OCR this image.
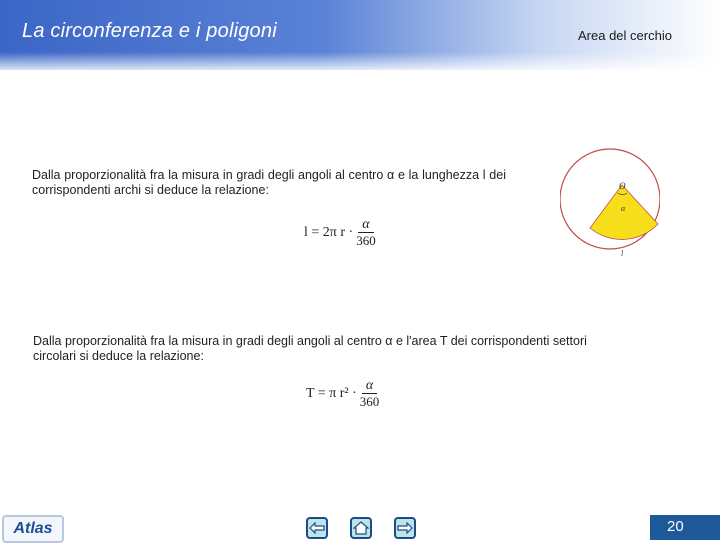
La circonferenza e i poligoni	Area del cerchio
Dalla proporzionalità fra la misura in gradi degli angoli al centro α e la lunghezza l dei corrispondenti archi si deduce la relazione:
l = 2π $r \cdot \frac{\alpha}{360}$
O
α
l
Dalla proporzionalità fra la misura in gradi degli angoli al centro α e l'area T dei corrispondenti settori circolari si deduce la relazione:
T = π $r^2 \cdot \frac{\alpha}{360}$
Atlas	20
